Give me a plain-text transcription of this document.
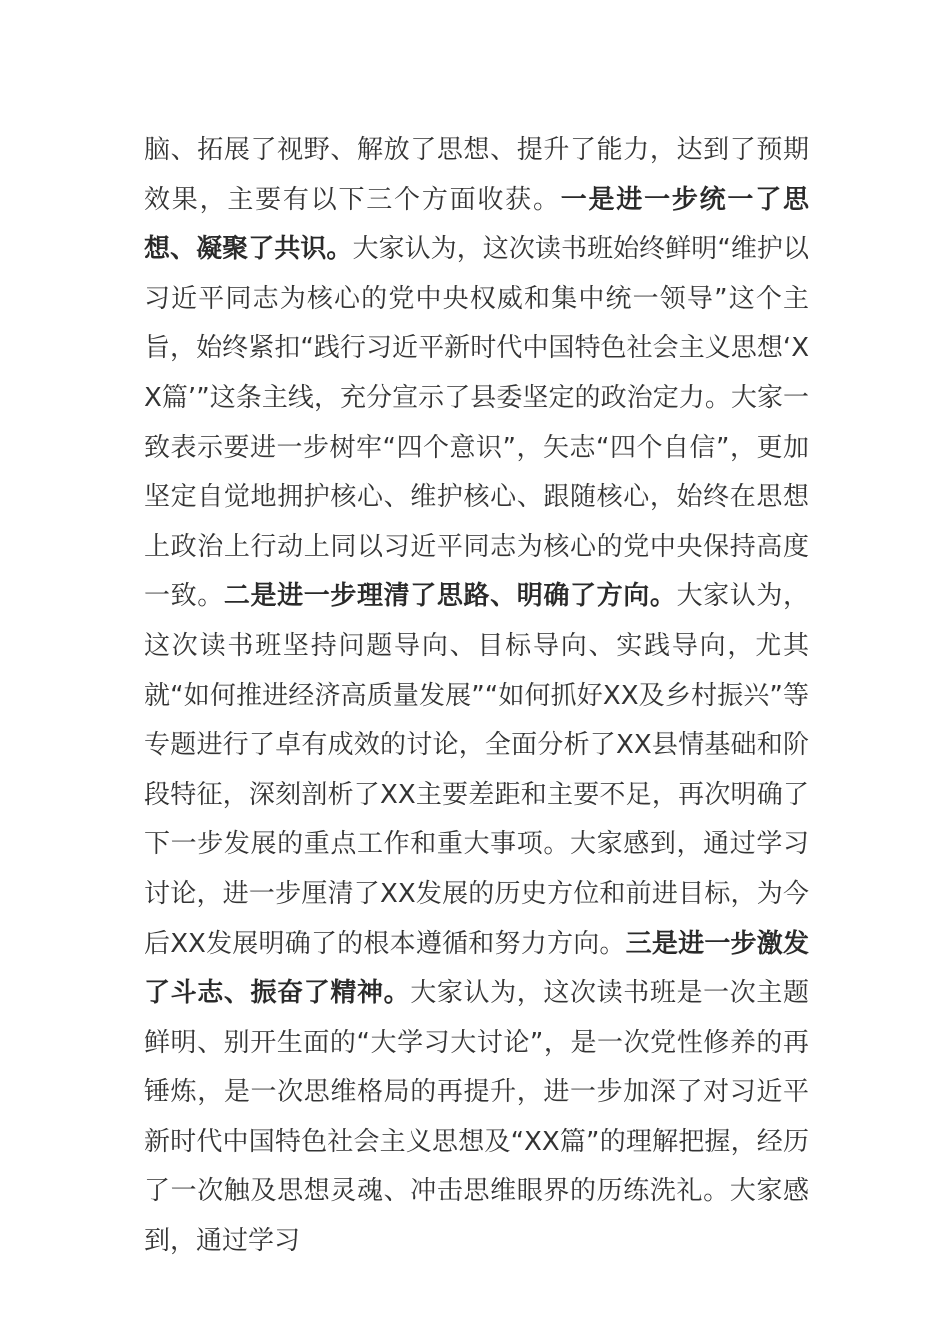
脑、拓展了视野、解放了思想、提升了能力，达到了预期效果，主要有以下三个方面收获。一是进一步统一了思想、凝聚了共识。大家认为，这次读书班始终鲜明“维护以习近平同志为核心的党中央权威和集中统一领导”这个主旨，始终紧扣“践行习近平新时代中国特色社会主义思想‘XX篇’”这条主线，充分宣示了县委坚定的政治定力。大家一致表示要进一步树牢“四个意识”，矢志“四个自信”，更加坚定自觉地拥护核心、维护核心、跟随核心，始终在思想上政治上行动上同以习近平同志为核心的党中央保持高度一致。二是进一步理清了思路、明确了方向。大家认为，这次读书班坚持问题导向、目标导向、实践导向，尤其就“如何推进经济高质量发展”“如何抓好XX及乡村振兴”等专题进行了卓有成效的讨论，全面分析了XX县情基础和阶段特征，深刻剖析了XX主要差距和主要不足，再次明确了下一步发展的重点工作和重大事项。大家感到，通过学习讨论，进一步厘清了XX发展的历史方位和前进目标，为今后XX发展明确了的根本遵循和努力方向。三是进一步激发了斗志、振奋了精神。大家认为，这次读书班是一次主题鲜明、别开生面的“大学习大讨论”，是一次党性修养的再锤炼，是一次思维格局的再提升，进一步加深了对习近平新时代中国特色社会主义思想及“XX篇”的理解把握，经历了一次触及思想灵魂、冲击思维眼界的历练洗礼。大家感到，通过学习
